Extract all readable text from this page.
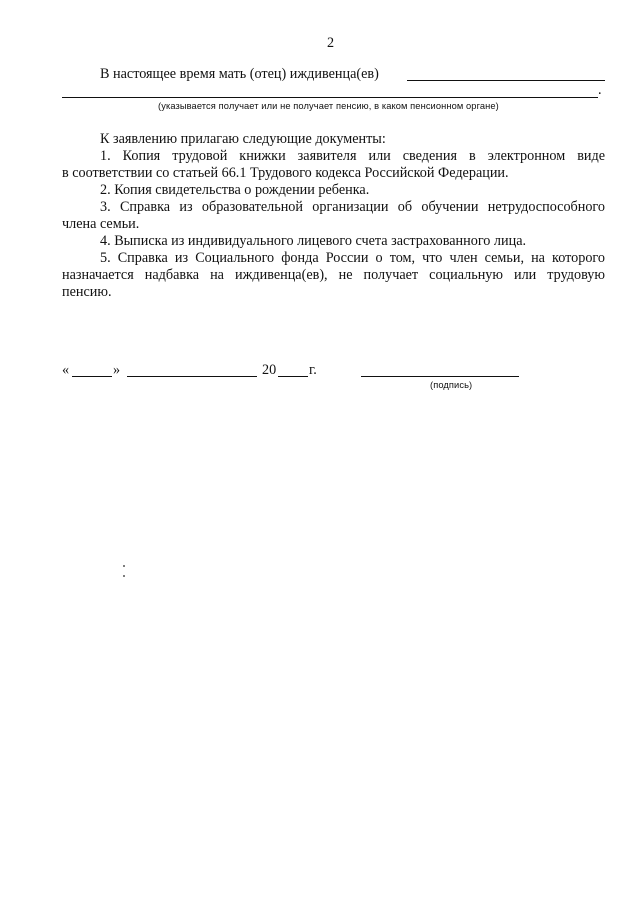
2
В настоящее время мать (отец) иждивенца(ев)
.
(указывается получает или не получает пенсию, в каком пенсионном органе)
К заявлению прилагаю следующие документы:
1. Копия трудовой книжки заявителя или сведения в электронном виде
в соответствии со статьей 66.1 Трудового кодекса Российской Федерации.
2. Копия свидетельства о рождении ребенка.
3. Справка из образовательной организации об обучении нетрудоспособного
члена семьи.
4. Выписка из индивидуального лицевого счета застрахованного лица.
5. Справка из Социального фонда России о том, что член семьи, на которого
назначается надбавка на иждивенца(ев), не получает социальную или трудовую
пенсию.
«	»	20 г.
(подпись)
